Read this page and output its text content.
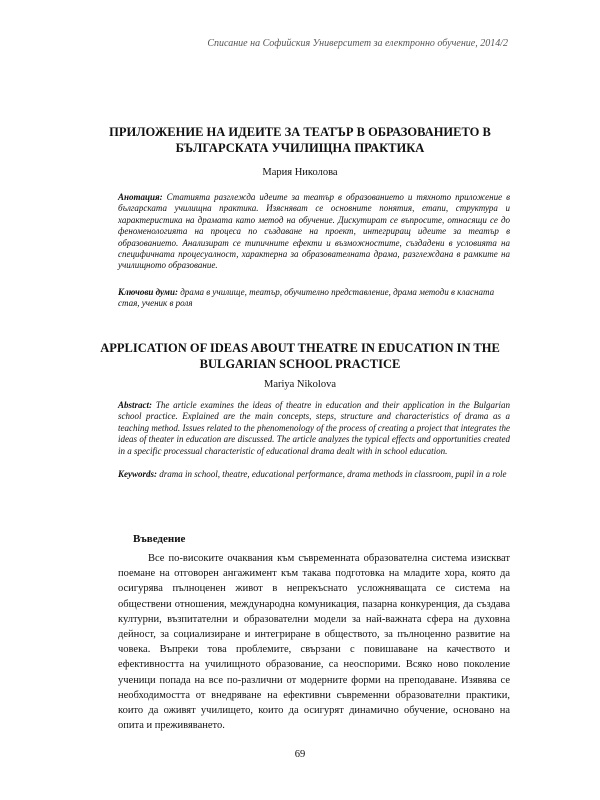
Списание на Софийския Университет за електронно обучение, 2014/2
ПРИЛОЖЕНИЕ НА ИДЕИТЕ ЗА ТЕАТЪР В ОБРАЗОВАНИЕТО В БЪЛГАРСКАТА УЧИЛИЩНА ПРАКТИКА
Мария Николова
Анотация: Статията разглежда идеите за театър в образованието и тяхното приложение в българската училищна практика. Изясняват се основните понятия, етапи, структура и характеристика на драмата като метод на обучение. Дискутират се въпросите, отнасящи се до феноменологията на процеса по създаване на проект, интегриращ идеите за театър в образованието. Анализират се типичните ефекти и възможностите, създадени в условията на специфичната процесуалност, характерна за образователната драма, разглеждана в рамките на училищното образование.
Ключови думи: драма в училище, театър, обучително представление, драма методи в класната стая, ученик в роля
APPLICATION OF IDEAS ABOUT THEATRE IN EDUCATION IN THE BULGARIAN SCHOOL PRACTICE
Mariya Nikolova
Abstract: The article examines the ideas of theatre in education and their application in the Bulgarian school practice. Explained are the main concepts, steps, structure and characteristics of drama as a teaching method. Issues related to the phenomenology of the process of creating a project that integrates the ideas of theater in education are discussed. The article analyzes the typical effects and opportunities created in a specific processual characteristic of educational drama dealt with in school education.
Keywords: drama in school, theatre, educational performance, drama methods in classroom, pupil in a role
Въведение
Все по-високите очаквания към съвременната образователна система изискват поемане на отговорен ангажимент към такава подготовка на младите хора, която да осигурява пълноценен живот в непрекъснато усложняващата се система на обществени отношения, международна комуникация, пазарна конкуренция, да създава културни, възпитателни и образователни модели за най-важната сфера на духовна дейност, за социализиране и интегриране в обществото, за пълноценно развитие на човека. Въпреки това проблемите, свързани с повишаване на качеството и ефективността на училищното образование, са неоспорими. Всяко ново поколение ученици попада на все по-различни от модерните форми на преподаване. Изявява се необходимостта от внедряване на ефективни съвременни образователни практики, които да оживят училището, които да осигурят динамично обучение, основано на опита и преживяването.
69
